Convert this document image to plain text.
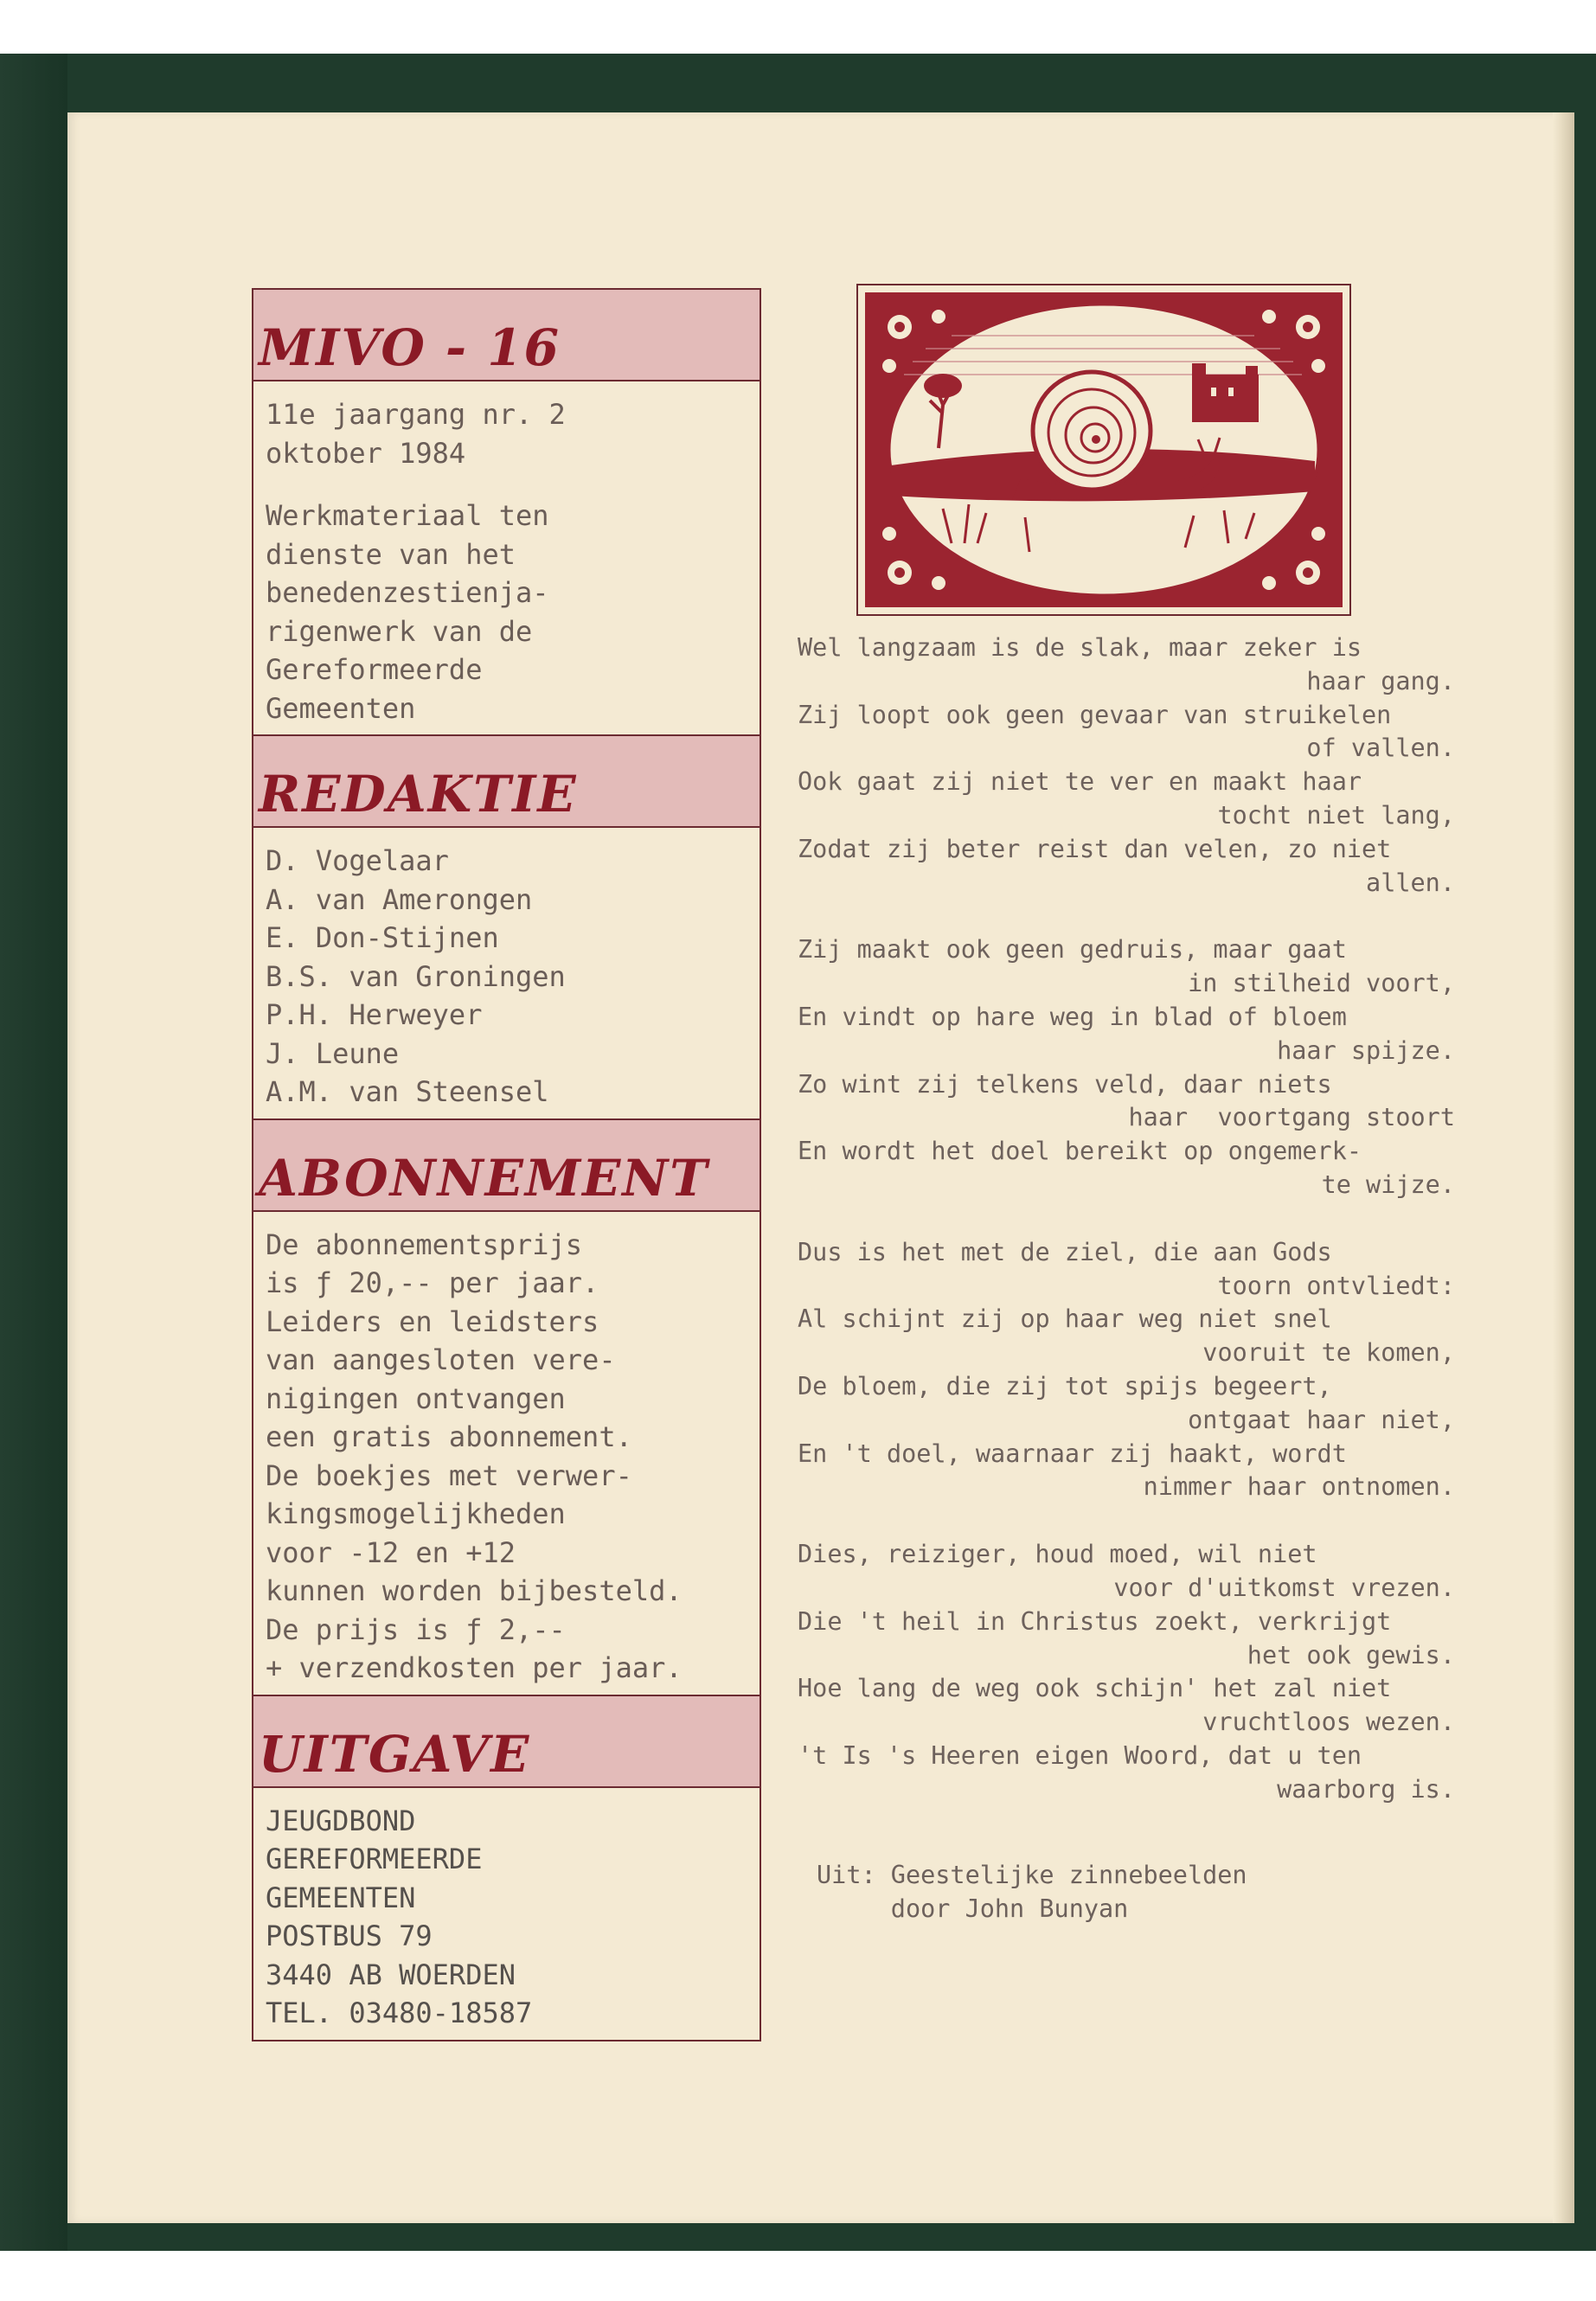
MIVO - 16
11e jaargang nr. 2
oktober 1984
Werkmateriaal ten
dienste van het
benedenzestienja-
rigenwerk van de
Gereformeerde
Gemeenten
REDAKTIE
D. Vogelaar
A. van Amerongen
E. Don-Stijnen
B.S. van Groningen
P.H. Herweyer
J. Leune
A.M. van Steensel
ABONNEMENT
De abonnementsprijs
is ƒ 20,-- per jaar.
Leiders en leidsters
van aangesloten vere-
nigingen ontvangen
een gratis abonnement.
De boekjes met verwer-
kingsmogelijkheden
voor -12 en +12
kunnen worden bijbesteld.
De prijs is ƒ 2,--
+ verzendkosten per jaar.
UITGAVE
JEUGDBOND
GEREFORMEERDE
GEMEENTEN
POSTBUS 79
3440 AB WOERDEN
TEL. 03480-18587
Wel langzaam is de slak, maar zeker is
haar gang.
Zij loopt ook geen gevaar van struikelen
of vallen.
Ook gaat zij niet te ver en maakt haar
tocht niet lang,
Zodat zij beter reist dan velen, zo niet
allen.
Zij maakt ook geen gedruis, maar gaat
in stilheid voort,
En vindt op hare weg in blad of bloem
haar spijze.
Zo wint zij telkens veld, daar niets
haar  voortgang stoort
En wordt het doel bereikt op ongemerk-
te wijze.
Dus is het met de ziel, die aan Gods
toorn ontvliedt:
Al schijnt zij op haar weg niet snel
vooruit te komen,
De bloem, die zij tot spijs begeert,
ontgaat haar niet,
En 't doel, waarnaar zij haakt, wordt
nimmer haar ontnomen.
Dies, reiziger, houd moed, wil niet
voor d'uitkomst vrezen.
Die 't heil in Christus zoekt, verkrijgt
het ook gewis.
Hoe lang de weg ook schijn' het zal niet
vruchtloos wezen.
't Is 's Heeren eigen Woord, dat u ten
waarborg is.
Uit: Geestelijke zinnebeelden
door John Bunyan
